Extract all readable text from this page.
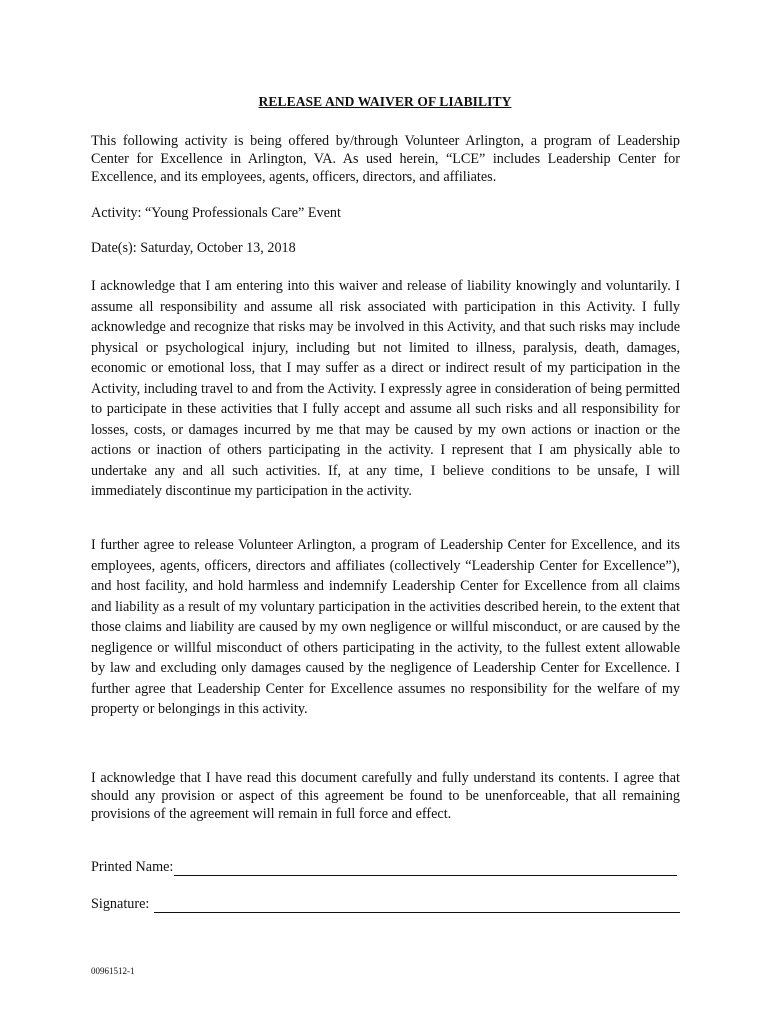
RELEASE AND WAIVER OF LIABILITY

This following activity is being offered by/through Volunteer Arlington, a program of Leadership Center for Excellence in Arlington, VA. As used herein, “LCE” includes Leadership Center for Excellence, and its employees, agents, officers, directors, and affiliates.

Activity: “Young Professionals Care” Event

Date(s): Saturday, October 13, 2018

I acknowledge that I am entering into this waiver and release of liability knowingly and voluntarily. I assume all responsibility and assume all risk associated with participation in this Activity. I fully acknowledge and recognize that risks may be involved in this Activity, and that such risks may include physical or psychological injury, including but not limited to illness, paralysis, death, damages, economic or emotional loss, that I may suffer as a direct or indirect result of my participation in the Activity, including travel to and from the Activity. I expressly agree in consideration of being permitted to participate in these activities that I fully accept and assume all such risks and all responsibility for losses, costs, or damages incurred by me that may be caused by my own actions or inaction or the actions or inaction of others participating in the activity. I represent that I am physically able to undertake any and all such activities. If, at any time, I believe conditions to be unsafe, I will immediately discontinue my participation in the activity.

I further agree to release Volunteer Arlington, a program of Leadership Center for Excellence, and its employees, agents, officers, directors and affiliates (collectively “Leadership Center for Excellence”), and host facility, and hold harmless and indemnify Leadership Center for Excellence from all claims and liability as a result of my voluntary participation in the activities described herein, to the extent that those claims and liability are caused by my own negligence or willful misconduct, or are caused by the negligence or willful misconduct of others participating in the activity, to the fullest extent allowable by law and excluding only damages caused by the negligence of Leadership Center for Excellence. I further agree that Leadership Center for Excellence assumes no responsibility for the welfare of my property or belongings in this activity.

I acknowledge that I have read this document carefully and fully understand its contents. I agree that should any provision or aspect of this agreement be found to be unenforceable, that all remaining provisions of the agreement will remain in full force and effect.

Printed Name:
Signature:

00961512-1
